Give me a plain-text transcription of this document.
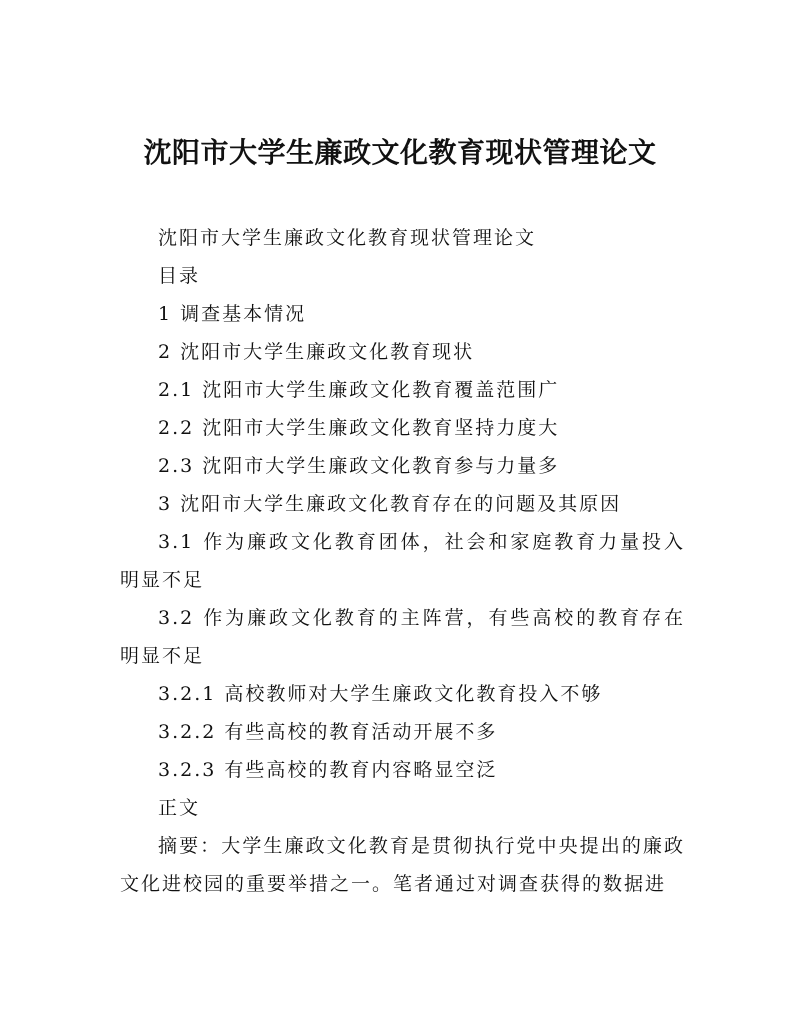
沈阳市大学生廉政文化教育现状管理论文

沈阳市大学生廉政文化教育现状管理论文

目录

1 调查基本情况

2 沈阳市大学生廉政文化教育现状

2.1 沈阳市大学生廉政文化教育覆盖范围广

2.2 沈阳市大学生廉政文化教育坚持力度大

2.3 沈阳市大学生廉政文化教育参与力量多

3 沈阳市大学生廉政文化教育存在的问题及其原因

3.1 作为廉政文化教育团体，社会和家庭教育力量投入明显不足

3.2 作为廉政文化教育的主阵营，有些高校的教育存在明显不足

3.2.1 高校教师对大学生廉政文化教育投入不够

3.2.2 有些高校的教育活动开展不多

3.2.3 有些高校的教育内容略显空泛

正文

摘要：大学生廉政文化教育是贯彻执行党中央提出的廉政文化进校园的重要举措之一。笔者通过对调查获得的数据进
